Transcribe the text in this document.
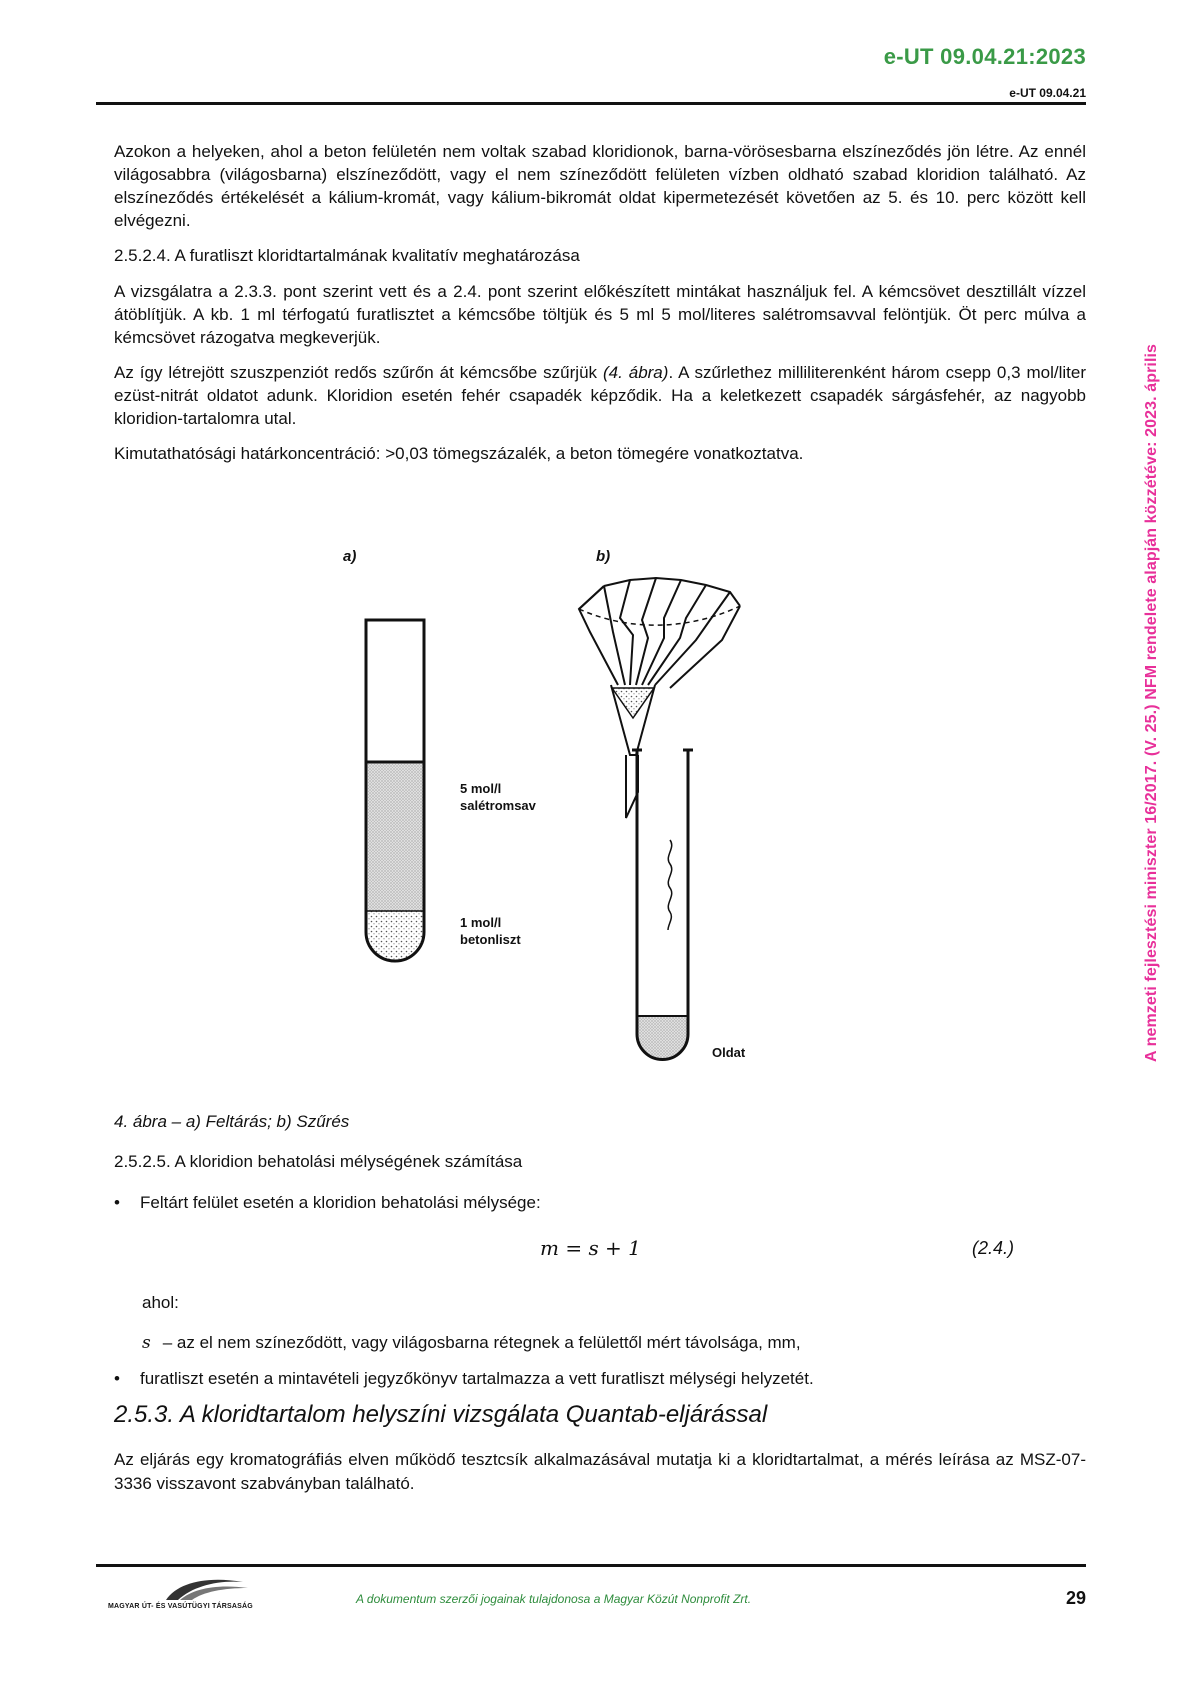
e-UT 09.04.21:2023
e-UT 09.04.21
A nemzeti fejlesztési miniszter 16/2017. (V. 25.) NFM rendelete alapján közzétéve: 2023. április

Azokon a helyeken, ahol a beton felületén nem voltak szabad kloridionok, barna-vörösesbarna elszíneződés jön létre. Az ennél világosabbra (világosbarna) elszíneződött, vagy el nem színeződött felületen vízben oldható szabad kloridion található. Az elszíneződés értékelését a kálium-kromát, vagy kálium-bikromát oldat kipermetezését követően az 5. és 10. perc között kell elvégezni.

2.5.2.4. A furatliszt kloridtartalmának kvalitatív meghatározása

A vizsgálatra a 2.3.3. pont szerint vett és a 2.4. pont szerint előkészített mintákat használjuk fel. A kémcsövet desztillált vízzel átöblítjük. A kb. 1 ml térfogatú furatlisztet a kémcsőbe töltjük és 5 ml 5 mol/literes salétromsavval felöntjük. Öt perc múlva a kémcsövet rázogatva megkeverjük.

Az így létrejött szuszpenziót redős szűrőn át kémcsőbe szűrjük (4. ábra). A szűrlethez milliliterenként három csepp 0,3 mol/liter ezüst-nitrát oldatot adunk. Kloridion esetén fehér csapadék képződik. Ha a keletkezett csapadék sárgásfehér, az nagyobb kloridion-tartalomra utal.

Kimutathatósági határkoncentráció: >0,03 tömegszázalék, a beton tömegére vonatkoztatva.

a)	b)
5 mol/l
salétromsav
1 mol/l
betonliszt
Oldat
4. ábra – a) Feltárás; b) Szűrés
2.5.2.5. A kloridion behatolási mélységének számítása
• Feltárt felület esetén a kloridion behatolási mélysége:
m = s + 1	(2.4.)
ahol:
s – az el nem színeződött, vagy világosbarna rétegnek a felülettől mért távolsága, mm,
• furatliszt esetén a mintavételi jegyzőkönyv tartalmazza a vett furatliszt mélységi helyzetét.
2.5.3. A kloridtartalom helyszíni vizsgálata Quantab-eljárással
Az eljárás egy kromatográfiás elven működő tesztcsík alkalmazásával mutatja ki a kloridtartalmat, a mérés leírása az MSZ-07-3336 visszavont szabványban található.
MAGYAR ÚT- ÉS VASÚTÜGYI TÁRSASÁG
A dokumentum szerzői jogainak tulajdonosa a Magyar Közút Nonprofit Zrt.	29
